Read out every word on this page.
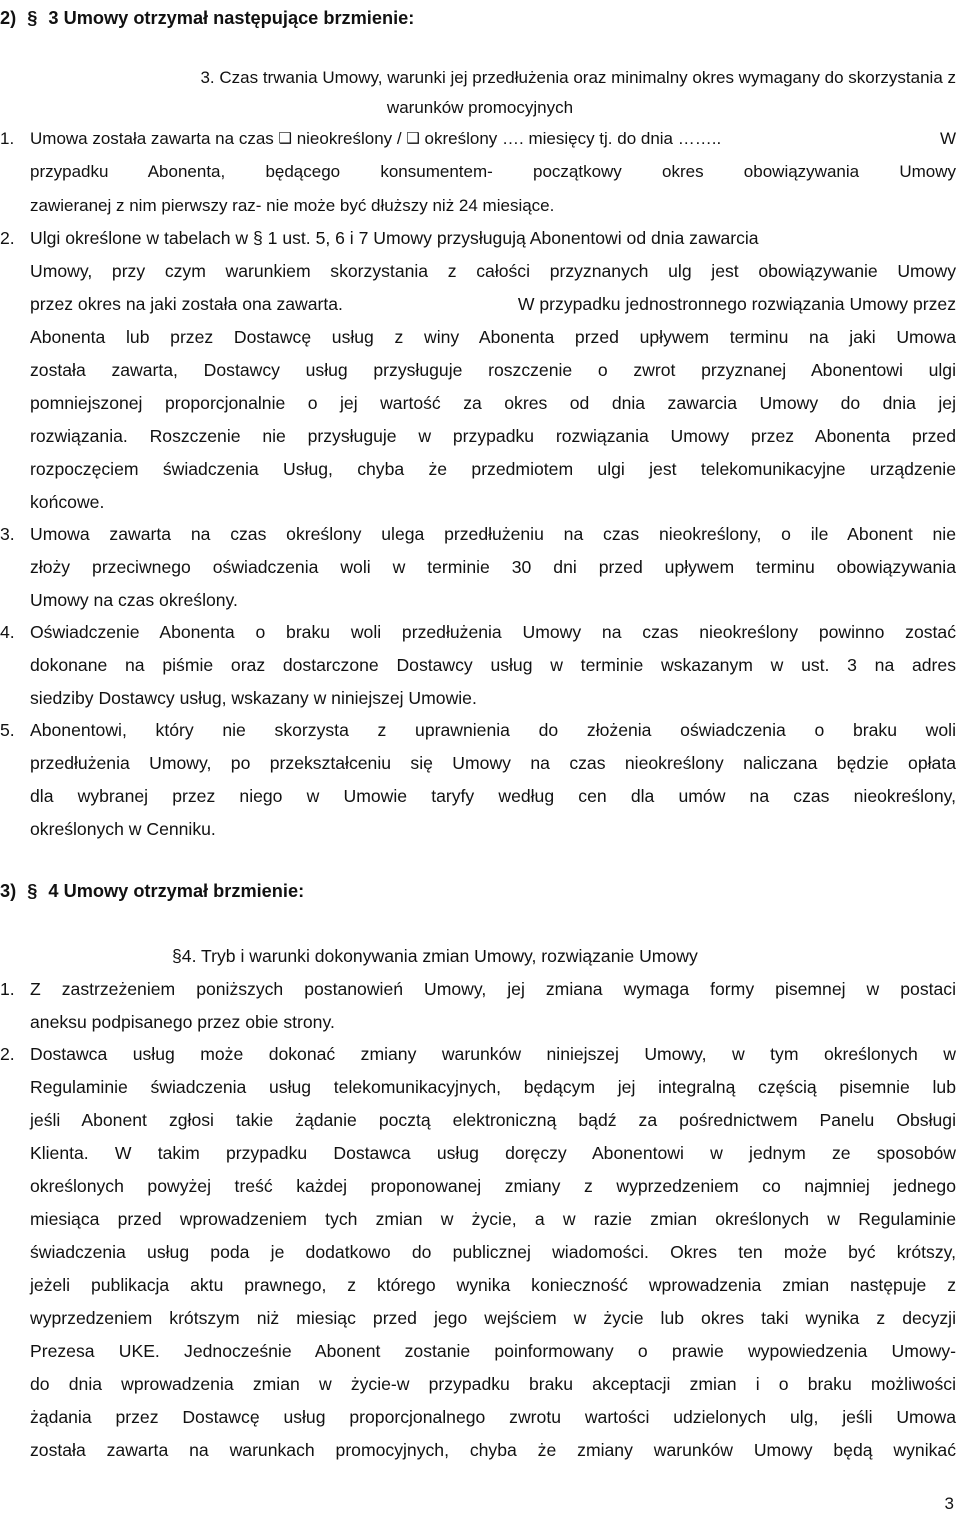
2) § 3 Umowy otrzymał następujące brzmienie:
3. Czas trwania Umowy, warunki jej przedłużenia oraz minimalny okres wymagany do skorzystania z
warunków promocyjnych
1. Umowa została zawarta na czas ❑ nieokreślony / ❑ określony …. miesięcy tj. do dnia ……..	W
przypadku Abonenta, będącego konsumentem- początkowy okres obowiązywania Umowy
zawieranej z nim pierwszy raz- nie może być dłuższy niż 24 miesiące.
2. Ulgi określone w tabelach w § 1 ust. 5, 6 i 7 Umowy przysługują Abonentowi od dnia zawarcia
Umowy, przy czym warunkiem skorzystania z całości przyznanych ulg jest obowiązywanie Umowy
przez okres na jaki została ona zawarta.	W przypadku jednostronnego rozwiązania Umowy przez
Abonenta lub przez Dostawcę usług z winy Abonenta przed upływem terminu na jaki Umowa
została zawarta, Dostawcy usług przysługuje roszczenie o zwrot przyznanej Abonentowi ulgi
pomniejszonej proporcjonalnie o jej wartość za okres od dnia zawarcia Umowy do dnia jej
rozwiązania. Roszczenie nie przysługuje w przypadku rozwiązania Umowy przez Abonenta przed
rozpoczęciem świadczenia Usług, chyba że przedmiotem ulgi jest telekomunikacyjne urządzenie
końcowe.
3. Umowa zawarta na czas określony ulega przedłużeniu na czas nieokreślony, o ile Abonent nie
złoży przeciwnego oświadczenia woli w terminie 30 dni przed upływem terminu obowiązywania
Umowy na czas określony.
4. Oświadczenie Abonenta o braku woli przedłużenia Umowy na czas nieokreślony powinno zostać
dokonane na piśmie oraz dostarczone Dostawcy usług w terminie wskazanym w ust. 3 na adres
siedziby Dostawcy usług, wskazany w niniejszej Umowie.
5. Abonentowi, który nie skorzysta z uprawnienia do złożenia oświadczenia o braku woli
przedłużenia Umowy, po przekształceniu się Umowy na czas nieokreślony naliczana będzie opłata
dla wybranej przez niego w Umowie taryfy według cen dla umów na czas nieokreślony,
określonych w Cenniku.
3) § 4 Umowy otrzymał brzmienie:
§4. Tryb i warunki dokonywania zmian Umowy, rozwiązanie Umowy
1. Z zastrzeżeniem poniższych postanowień Umowy, jej zmiana wymaga formy pisemnej w postaci
aneksu podpisanego przez obie strony.
2. Dostawca usług może dokonać zmiany warunków niniejszej Umowy, w tym określonych w
Regulaminie świadczenia usług telekomunikacyjnych, będącym jej integralną częścią pisemnie lub
jeśli Abonent zgłosi takie żądanie pocztą elektroniczną bądź za pośrednictwem Panelu Obsługi
Klienta. W takim przypadku Dostawca usług doręczy Abonentowi w jednym ze sposobów
określonych powyżej treść każdej proponowanej zmiany z wyprzedzeniem co najmniej jednego
miesiąca przed wprowadzeniem tych zmian w życie, a w razie zmian określonych w Regulaminie
świadczenia usług poda je dodatkowo do publicznej wiadomości. Okres ten może być krótszy,
jeżeli publikacja aktu prawnego, z którego wynika konieczność wprowadzenia zmian następuje z
wyprzedzeniem krótszym niż miesiąc przed jego wejściem w życie lub okres taki wynika z decyzji
Prezesa UKE. Jednocześnie Abonent zostanie poinformowany o prawie wypowiedzenia Umowy-
do dnia wprowadzenia zmian w życie-w przypadku braku akceptacji zmian i o braku możliwości
żądania przez Dostawcę usług proporcjonalnego zwrotu wartości udzielonych ulg, jeśli Umowa
została zawarta na warunkach promocyjnych, chyba że zmiany warunków Umowy będą wynikać
3
